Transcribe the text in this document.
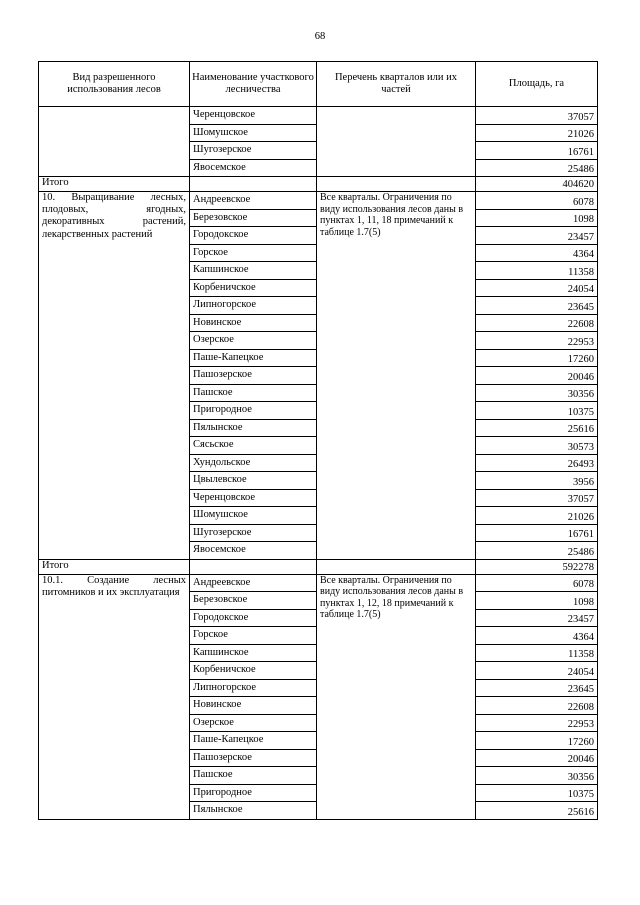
68
Вид разрешенного использования лесов	Наименование участкового лесничества	Перечень кварталов или их частей	Площадь, га
	Черенцовское		37057
	Шомушское		21026
	Шугозерское		16761
	Явосемское		25486
Итого			404620
10. Выращивание лесных, плодовых, ягодных, декоративных растений, лекарственных растений	Андреевское	Все кварталы. Ограничения по виду использования лесов даны в пунктах 1, 11, 18 примечаний к таблице 1.7(5)	6078
	Березовское		1098
	Городокское		23457
	Горское		4364
	Капшинское		11358
	Корбеничское		24054
	Липногорское		23645
	Новинское		22608
	Озерское		22953
	Паше-Капецкое		17260
	Пашозерское		20046
	Пашское		30356
	Пригородное		10375
	Пялынское		25616
	Сясьское		30573
	Хундольское		26493
	Цвылевское		3956
	Черенцовское		37057
	Шомушское		21026
	Шугозерское		16761
	Явосемское		25486
Итого			592278
10.1. Создание лесных питомников и их эксплуатация	Андреевское	Все кварталы. Ограничения по виду использования лесов даны в пунктах 1, 12, 18 примечаний к таблице 1.7(5)	6078
	Березовское		1098
	Городокское		23457
	Горское		4364
	Капшинское		11358
	Корбеничское		24054
	Липногорское		23645
	Новинское		22608
	Озерское		22953
	Паше-Капецкое		17260
	Пашозерское		20046
	Пашское		30356
	Пригородное		10375
	Пялынское		25616
